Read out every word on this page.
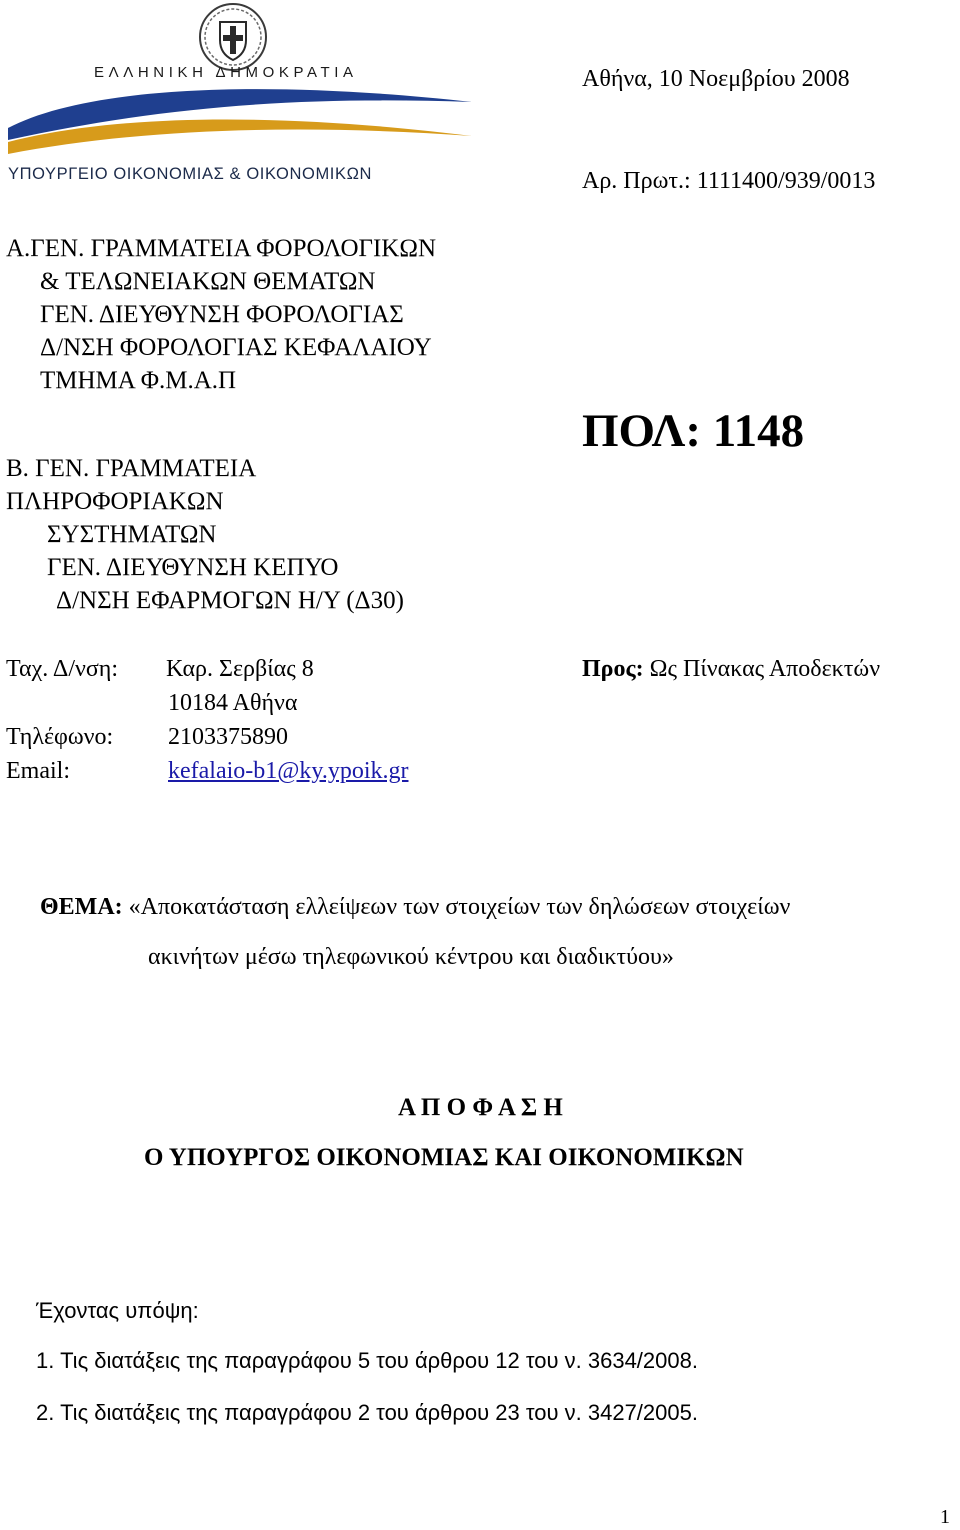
ΕΛΛΗΝΙΚΗ ΔΗΜΟΚΡΑΤΙΑ
ΥΠΟΥΡΓΕΙΟ ΟΙΚΟΝΟΜΙΑΣ & ΟΙΚΟΝΟΜΙΚΩΝ
Αθήνα, 10 Νοεμβρίου 2008
Αρ. Πρωτ.: 1111400/939/0013
Α.ΓΕΝ. ΓΡΑΜΜΑΤΕΙΑ ΦΟΡΟΛΟΓΙΚΩΝ
& ΤΕΛΩΝΕΙΑΚΩΝ ΘΕΜΑΤΩΝ
ΓΕΝ. ΔΙΕΥΘΥΝΣΗ ΦΟΡΟΛΟΓΙΑΣ
Δ/ΝΣΗ ΦΟΡΟΛΟΓΙΑΣ ΚΕΦΑΛΑΙΟΥ
ΤΜΗΜΑ Φ.Μ.Α.Π
Β. ΓΕΝ. ΓΡΑΜΜΑΤΕΙΑ
ΠΛΗΡΟΦΟΡΙΑΚΩΝ
ΣΥΣΤΗΜΑΤΩΝ
ΓΕΝ. ΔΙΕΥΘΥΝΣΗ ΚΕΠΥΟ
Δ/ΝΣΗ ΕΦΑΡΜΟΓΩΝ Η/Υ (Δ30)
ΠΟΛ: 1148
Ταχ. Δ/νση: Καρ. Σερβίας 8
10184 Αθήνα
Τηλέφωνο: 2103375890
Email:	kefalaio-b1@ky.ypoik.gr
Προς: Ως Πίνακας Αποδεκτών
ΘΕΜΑ: «Αποκατάσταση ελλείψεων των στοιχείων των δηλώσεων στοιχείων
ακινήτων μέσω τηλεφωνικού κέντρου και διαδικτύου»
Α Π Ο Φ Α Σ Η
Ο ΥΠΟΥΡΓΟΣ ΟΙΚΟΝΟΜΙΑΣ ΚΑΙ ΟΙΚΟΝΟΜΙΚΩΝ
Έχοντας υπόψη:
1. Τις διατάξεις της παραγράφου 5 του άρθρου 12 του ν. 3634/2008.
2. Τις διατάξεις της παραγράφου 2 του άρθρου 23 του ν. 3427/2005.
1
